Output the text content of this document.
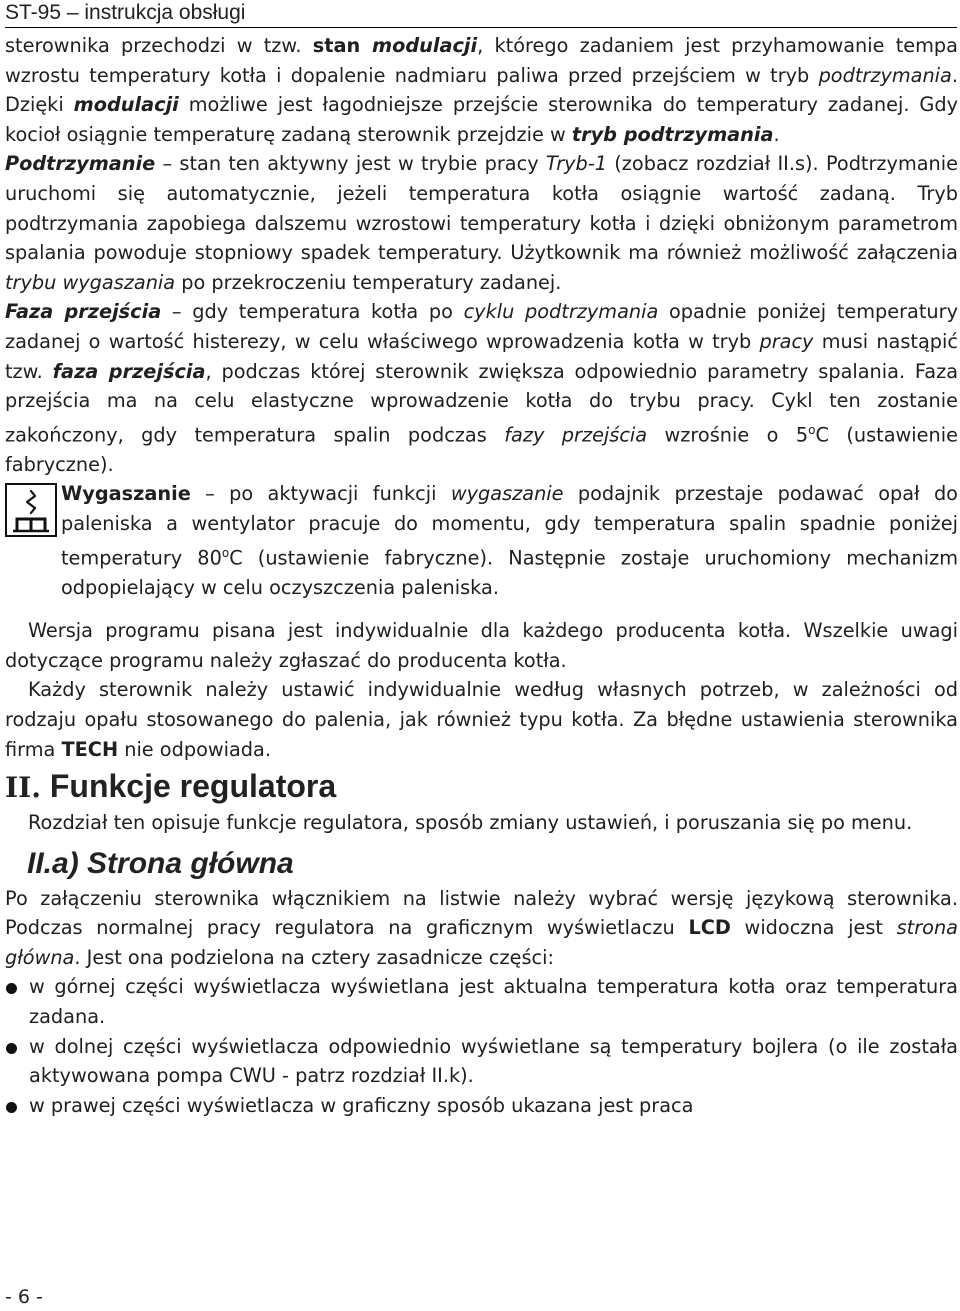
ST-95 – instrukcja obsługi

sterownika przechodzi w tzw. stan modulacji, którego zadaniem jest przyhamowanie tempa wzrostu temperatury kotła i dopalenie nadmiaru paliwa przed przejściem w tryb podtrzymania. Dzięki modulacji możliwe jest łagodniejsze przejście sterownika do temperatury zadanej. Gdy kocioł osiągnie temperaturę zadaną sterownik przejdzie w tryb podtrzymania.

Podtrzymanie – stan ten aktywny jest w trybie pracy Tryb-1 (zobacz rozdział II.s). Podtrzymanie uruchomi się automatycznie, jeżeli temperatura kotła osiągnie wartość zadaną. Tryb podtrzymania zapobiega dalszemu wzrostowi temperatury kotła i dzięki obniżonym parametrom spalania powoduje stopniowy spadek temperatury. Użytkownik ma również możliwość załączenia trybu wygaszania po przekroczeniu temperatury zadanej.

Faza przejścia – gdy temperatura kotła po cyklu podtrzymania opadnie poniżej temperatury zadanej o wartość histerezy, w celu właściwego wprowadzenia kotła w tryb pracy musi nastąpić tzw. faza przejścia, podczas której sterownik zwiększa odpowiednio parametry spalania. Faza przejścia ma na celu elastyczne wprowadzenie kotła do trybu pracy. Cykl ten zostanie zakończony, gdy temperatura spalin podczas fazy przejścia wzrośnie o 5$^o$C (ustawienie fabryczne).

Wygaszanie – po aktywacji funkcji wygaszanie podajnik przestaje podawać opał do paleniska a wentylator pracuje do momentu, gdy temperatura spalin spadnie poniżej temperatury 80$^o$C (ustawienie fabryczne). Następnie zostaje uruchomiony mechanizm odpopielający w celu oczyszczenia paleniska.

Wersja programu pisana jest indywidualnie dla każdego producenta kotła. Wszelkie uwagi dotyczące programu należy zgłaszać do producenta kotła.

Każdy sterownik należy ustawić indywidualnie według własnych potrzeb, w zależności od rodzaju opału stosowanego do palenia, jak również typu kotła. Za błędne ustawienia sterownika firma TECH nie odpowiada.

II. Funkcje regulatora

Rozdział ten opisuje funkcje regulatora, sposób zmiany ustawień, i poruszania się po menu.

II.a) Strona główna

Po załączeniu sterownika włącznikiem na listwie należy wybrać wersję językową sterownika. Podczas normalnej pracy regulatora na graficznym wyświetlaczu LCD widoczna jest strona główna. Jest ona podzielona na cztery zasadnicze części:

w górnej części wyświetlacza wyświetlana jest aktualna temperatura kotła oraz temperatura zadana.

w dolnej części wyświetlacza odpowiednio wyświetlane są temperatury bojlera (o ile została aktywowana pompa CWU - patrz rozdział II.k).

w prawej części wyświetlacza w graficzny sposób ukazana jest praca

- 6 -
